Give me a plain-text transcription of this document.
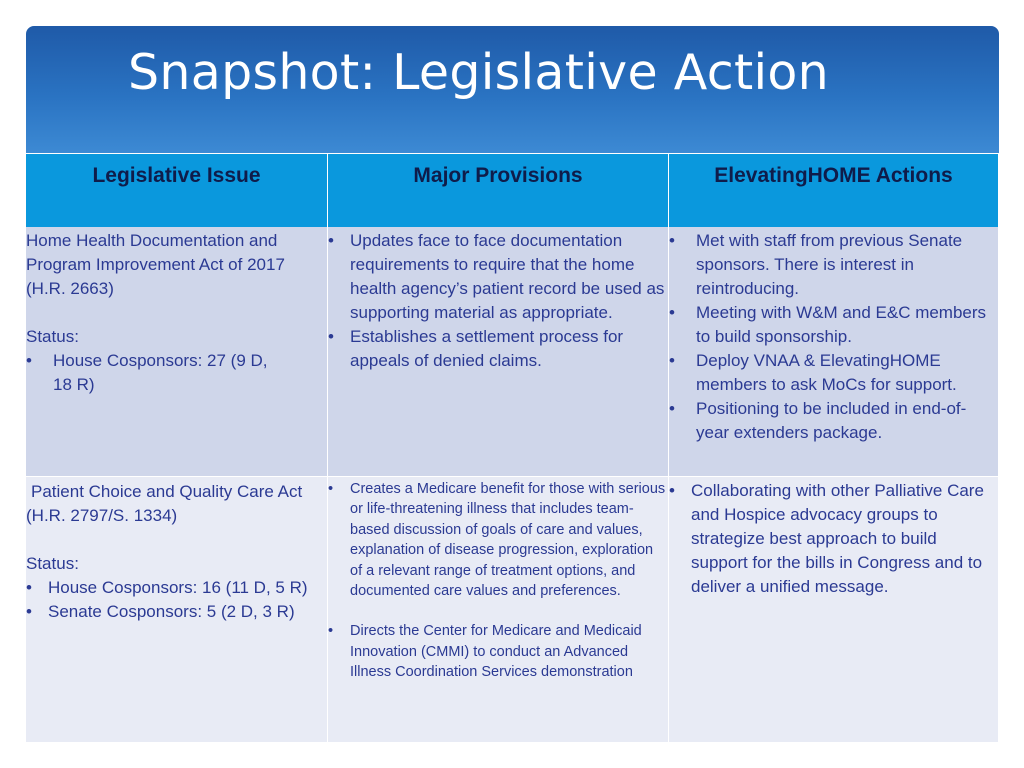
Snapshot: Legislative Action
Legislative Issue	Major Provisions	ElevatingHOME Actions
Home Health Documentation and
Program Improvement Act of 2017
(H.R. 2663)
Status:
• House Cosponsors: 27 (9 D,
18 R)
• Updates face to face documentation requirements to require that the home health agency’s patient record be used as supporting material as appropriate.
• Establishes a settlement process for appeals of denied claims.
• Met with staff from previous Senate sponsors. There is interest in reintroducing.
• Meeting with W&M and E&C members to build sponsorship.
• Deploy VNAA & ElevatingHOME members to ask MoCs for support.
• Positioning to be included in end-of-year extenders package.
Patient Choice and Quality Care Act
(H.R. 2797/S. 1334)
Status:
• House Cosponsors: 16 (11 D, 5 R)
• Senate Cosponsors: 5 (2 D, 3 R)
• Creates a Medicare benefit for those with serious or life-threatening illness that includes team-based discussion of goals of care and values, explanation of disease progression, exploration of a relevant range of treatment options, and documented care values and preferences.
• Directs the Center for Medicare and Medicaid Innovation (CMMI) to conduct an Advanced Illness Coordination Services demonstration
• Collaborating with other Palliative Care and Hospice advocacy groups to strategize best approach to build support for the bills in Congress and to deliver a unified message.
